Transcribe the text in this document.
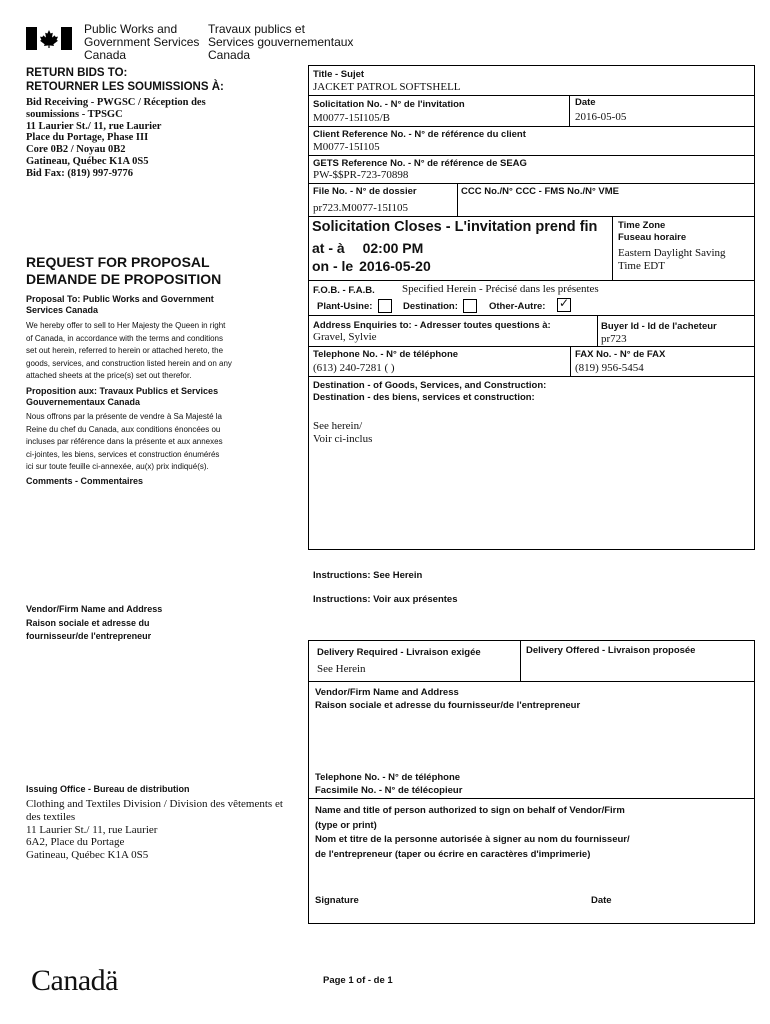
Public Works and
Government Services
Canada
Travaux publics et
Services gouvernementaux
Canada
RETURN BIDS TO:
RETOURNER LES SOUMISSIONS À:
Bid Receiving - PWGSC / Réception des
soumissions - TPSGC
11 Laurier St./ 11, rue Laurier
Place du Portage, Phase III
Core 0B2 / Noyau 0B2
Gatineau, Québec K1A 0S5
Bid Fax: (819) 997-9776
REQUEST FOR PROPOSAL
DEMANDE DE PROPOSITION
Proposal To: Public Works and Government
Services Canada
We hereby offer to sell to Her Majesty the Queen in right
of Canada, in accordance with the terms and conditions
set out herein, referred to herein or attached hereto, the
goods, services, and construction listed herein and on any
attached sheets at the price(s) set out therefor.
Proposition aux: Travaux Publics et Services
Gouvernementaux Canada
Nous offrons par la présente de vendre à Sa Majesté la
Reine du chef du Canada, aux conditions énoncées ou
incluses par référence dans la présente et aux annexes
ci-jointes, les biens, services et construction énumérés
ici sur toute feuille ci-annexée, au(x) prix indiqué(s).
Comments - Commentaires
Vendor/Firm Name and Address
Raison sociale et adresse du
fournisseur/de l'entrepreneur
Issuing Office - Bureau de distribution
Clothing and Textiles Division / Division des vêtements et
des textiles
11 Laurier St./ 11, rue Laurier
6A2, Place du Portage
Gatineau, Québec K1A 0S5
Title - Sujet
JACKET PATROL SOFTSHELL
Solicitation No. - N° de l'invitation
M0077-15I105/B
Date
2016-05-05
Client Reference No. - N° de référence du client
M0077-15I105
GETS Reference No. - N° de référence de SEAG
PW-$$PR-723-70898
File No. - N° de dossier
pr723.M0077-15I105
CCC No./N° CCC - FMS No./N° VME
Solicitation Closes - L'invitation prend fin
at - à 02:00 PM
on - le 2016-05-20
Time Zone
Fuseau horaire
Eastern Daylight Saving
Time EDT
F.O.B. - F.A.B. Specified Herein - Précisé dans les présentes
Plant-Usine:	Destination:	Other-Autre: ✓
Address Enquiries to: - Adresser toutes questions à:
Gravel, Sylvie
Buyer Id - Id de l'acheteur
pr723
Telephone No. - N° de téléphone
(613) 240-7281 ( )
FAX No. - N° de FAX
(819) 956-5454
Destination - of Goods, Services, and Construction:
Destination - des biens, services et construction:
See herein/
Voir ci-inclus
Instructions: See Herein
Instructions: Voir aux présentes
Delivery Required - Livraison exigée
See Herein
Delivery Offered - Livraison proposée
Vendor/Firm Name and Address
Raison sociale et adresse du fournisseur/de l'entrepreneur
Telephone No. - N° de téléphone
Facsimile No. - N° de télécopieur
Name and title of person authorized to sign on behalf of Vendor/Firm
(type or print)
Nom et titre de la personne autorisée à signer au nom du fournisseur/
de l'entrepreneur (taper ou écrire en caractères d'imprimerie)
Signature	Date
Canadä	Page 1 of - de 1
